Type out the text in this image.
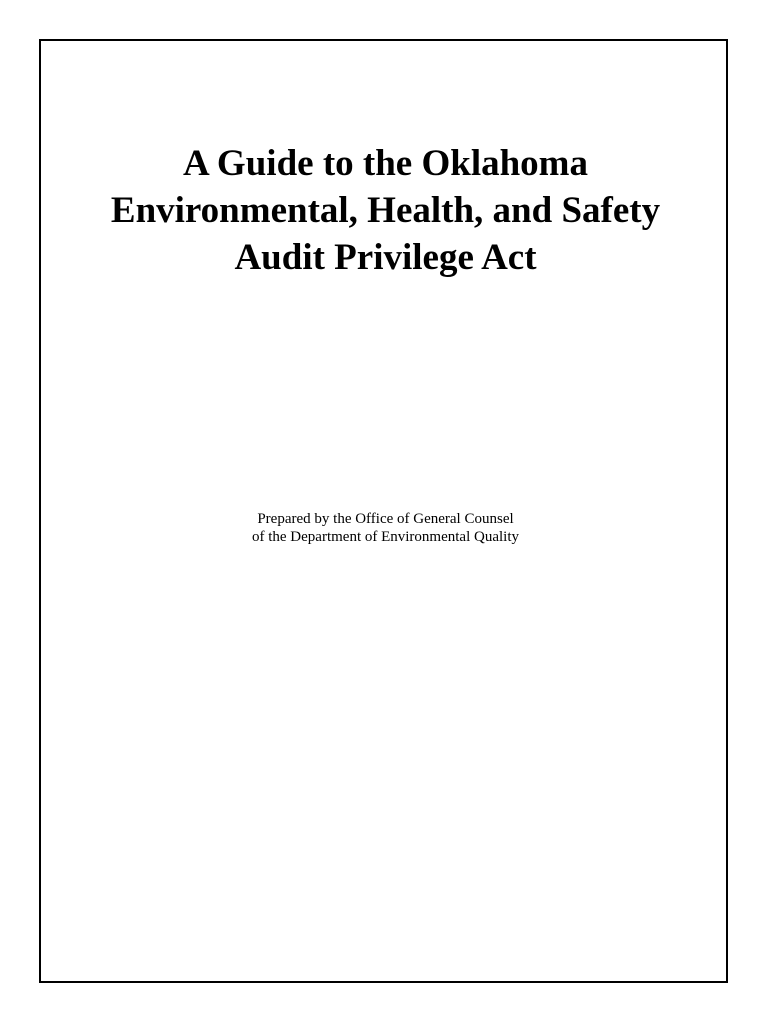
A Guide to the Oklahoma
Environmental, Health, and Safety
Audit Privilege Act

Prepared by the Office of General Counsel
of the Department of Environmental Quality
